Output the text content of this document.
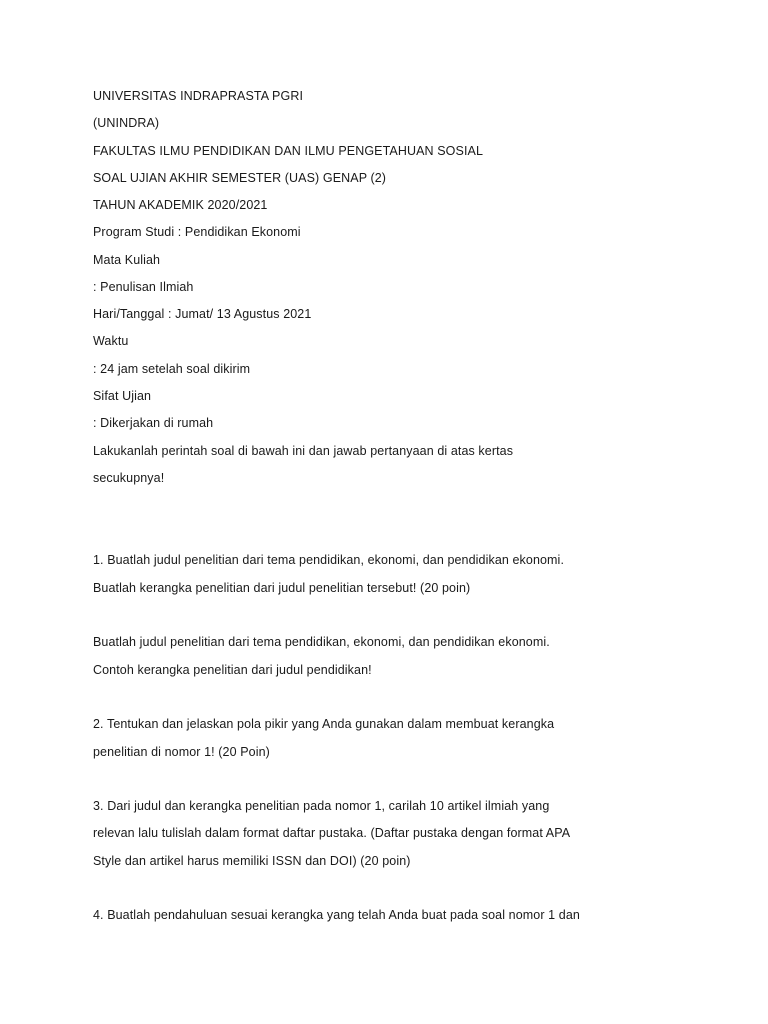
UNIVERSITAS INDRAPRASTA PGRI
(UNINDRA)
FAKULTAS ILMU PENDIDIKAN DAN ILMU PENGETAHUAN SOSIAL
SOAL UJIAN AKHIR SEMESTER (UAS) GENAP (2)
TAHUN AKADEMIK 2020/2021
Program Studi : Pendidikan Ekonomi
Mata Kuliah
: Penulisan Ilmiah
Hari/Tanggal : Jumat/ 13 Agustus 2021
Waktu
: 24 jam setelah soal dikirim
Sifat Ujian
: Dikerjakan di rumah
Lakukanlah perintah soal di bawah ini dan jawab pertanyaan di atas kertas
secukupnya!
1. Buatlah judul penelitian dari tema pendidikan, ekonomi, dan pendidikan ekonomi.
Buatlah kerangka penelitian dari judul penelitian tersebut! (20 poin)
Buatlah judul penelitian dari tema pendidikan, ekonomi, dan pendidikan ekonomi.
Contoh kerangka penelitian dari judul pendidikan!
2. Tentukan dan jelaskan pola pikir yang Anda gunakan dalam membuat kerangka
penelitian di nomor 1! (20 Poin)
3. Dari judul dan kerangka penelitian pada nomor 1, carilah 10 artikel ilmiah yang
relevan lalu tulislah dalam format daftar pustaka. (Daftar pustaka dengan format APA
Style dan artikel harus memiliki ISSN dan DOI) (20 poin)
4. Buatlah pendahuluan sesuai kerangka yang telah Anda buat pada soal nomor 1 dan
